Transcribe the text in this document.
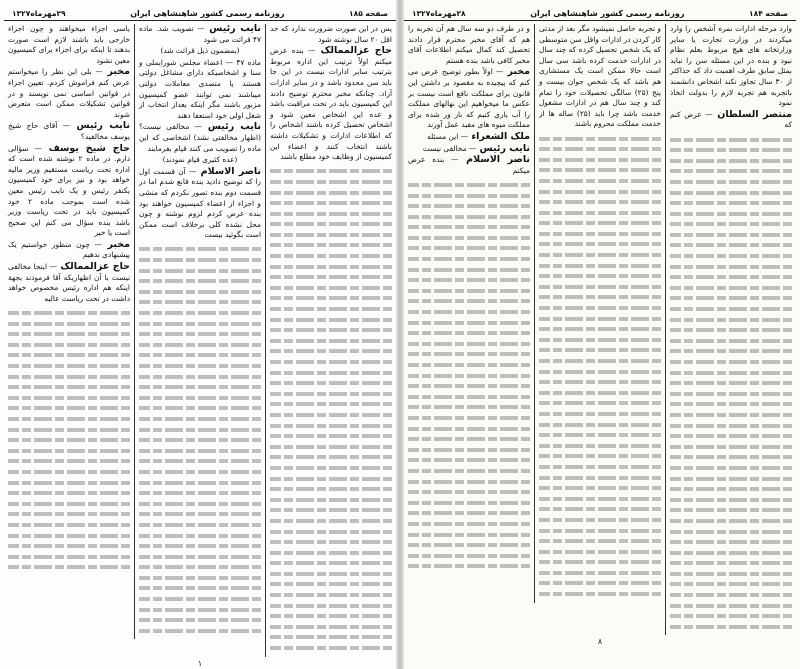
صفحه ۱۸۵
روزنامه رسمی کشور شاهنشاهی ایران
۲۹مهرماه۱۳۲۷

پس در این صورت ضرورت ندارد که حد اقل ۲۰ سال نوشته شود

حاج عزالممالک — بنده عرض میکنم اولاً ترتیب این اداره مربوط بترتیب سایر ادارات نیست در این جا باید سن محدود باشد و در سایر ادارات آزاد. چنانکه مخبر محترم توضیح دادند این کمیسیون باید در تحت مراقبت باشد و عده این اشخاص معین شود و اشخاص تحصیل کرده باشند اشخاص را که اطلاعات ادارات و تشکیلات داشته باشند انتخاب کنند و اعضاء این کمیسیون از وظایف خود مطلع باشند

نایب رئیس — تصویب شد. ماده ۴۷ قرائت می شود

(بمضمون ذیل قرائت شد)

ماده ۴۷ — اعضاء مجلس شورایملی و سنا و اشخاصیکه دارای مشاغل دولتی هستند یا متصدی معاملات دولتی میباشند نمی توانند عضو کمیسیون مزبور باشند مگر اینکه بعداز انتخاب از شغل اولی خود استعفا دهند

نایب رئیس — مخالفی نیست؟ (اظهار مخالفتی نشد) اشخاصی که این ماده را تصویب می کنند قیام بفرمایند

(عده کثیری قیام نمودند)

ناصر الاسلام — آن قسمت اول را که توضیح دادید بنده قانع شدم اما در قسمت دوم بنده تصور نکردم که منشی و اجزاء از اعضاء کمیسیون خواهند بود بنده عرض کردم لزوم نوشته و چون محل نشده کلی برخلاف است ممکن است بگوئید بیست

یاسی اجزاء میخواهند و چون اجزاء خارجی باید باشند لازم است صورت بدهند تا اینکه برای اجزاء برای کمیسیون معین نشود

مخبر — بلی این نظر را میخواستم عرض کنم فراموش کردم. تعیین اجزاء در قوانین اساسی نمی نویسند و در قوانین تشکیلات ممکن است متعرض شوند

نایب رئیس — آقای حاج شیخ یوسف مخالفید؟

حاج شیخ یوسف — سؤالی دارم. در ماده ۲ نوشته شده است که اداره تحت ریاست مستقیم وزیر مالیه خواهد بود و نیز برای خود کمیسیون یکنفر رئیس و یک نایب رئیس معین شده است بموجب ماده ۲ خود کمیسیون باید در تحت ریاست وزیر باشد بنده سؤال می کنم این صحیح است یا خیر

مخبر — چون منظور خواستیم یک پیشنهادی بدهیم

حاج عزالممالک — اینجا مخالفی نیست با آن اظهاریکه آقا فرمودند بجهة اینکه هم اداره رئیس مخصوص خواهد داشت در تحت ریاست عالیه

۱
صفحه ۱۸۴
روزنامه رسمی کشور شاهنشاهی ایران
۲۸مهرماه۱۳۲۷

وارد مرحله ادارات نمره آشخص را وارد میکردند در وزارت تجارت یا سایر وزارتخانه های هیچ مربوط بعلم نظام نبود و بنده در این مسئله سن را نباید بمثل سابق طرف اهمیت داد که حداکثر از ۳۰ سال تجاوز نکند اشخاص دانشمند باتجربه هم تجربه لازم را بدولت اتخاذ نمود

منتصر السلطان — عرض کنم که

و تجربه حاصل نمیشود مگر بعد از مدتی کار کردن در ادارات واقل سن متوسطی که یک شخص تحصیل کرده که چند سال در ادارات خدمت کرده باشد سی سال است حالا ممکن است یک مستشاری هم باشد که یک شخص جوان بیست و پنج (۲۵) سالگی تحصیلات خود را تمام کند و چند سال هم در ادارات مشغول خدمت باشد چرا باید (۲۵) ساله ها از خدمت مملکت محروم باشند

و در طرف دو سه سال هم آن تجربه را هم که آقای مخبر محترم قرار دادند تحصیل کند کمال میکنم اطلاعات آقای مخبر کافی باشد بنده هستم

مخبر — اولاً بطور توضیح عرض می کنم که پیچیده به مقصود بر داشتن این قانون برای مملکت نافع است نیست بر عکس ما میخواهیم این نهالهای مملکت را آب یاری کنیم که بار ور شده برای مملکت میوه های مفید عمل آورند

ملک الشعراء — این مسئله

نایب رئیس — مخالفی نیست

ناصر الاسلام — بنده عرض میکنم

۸
